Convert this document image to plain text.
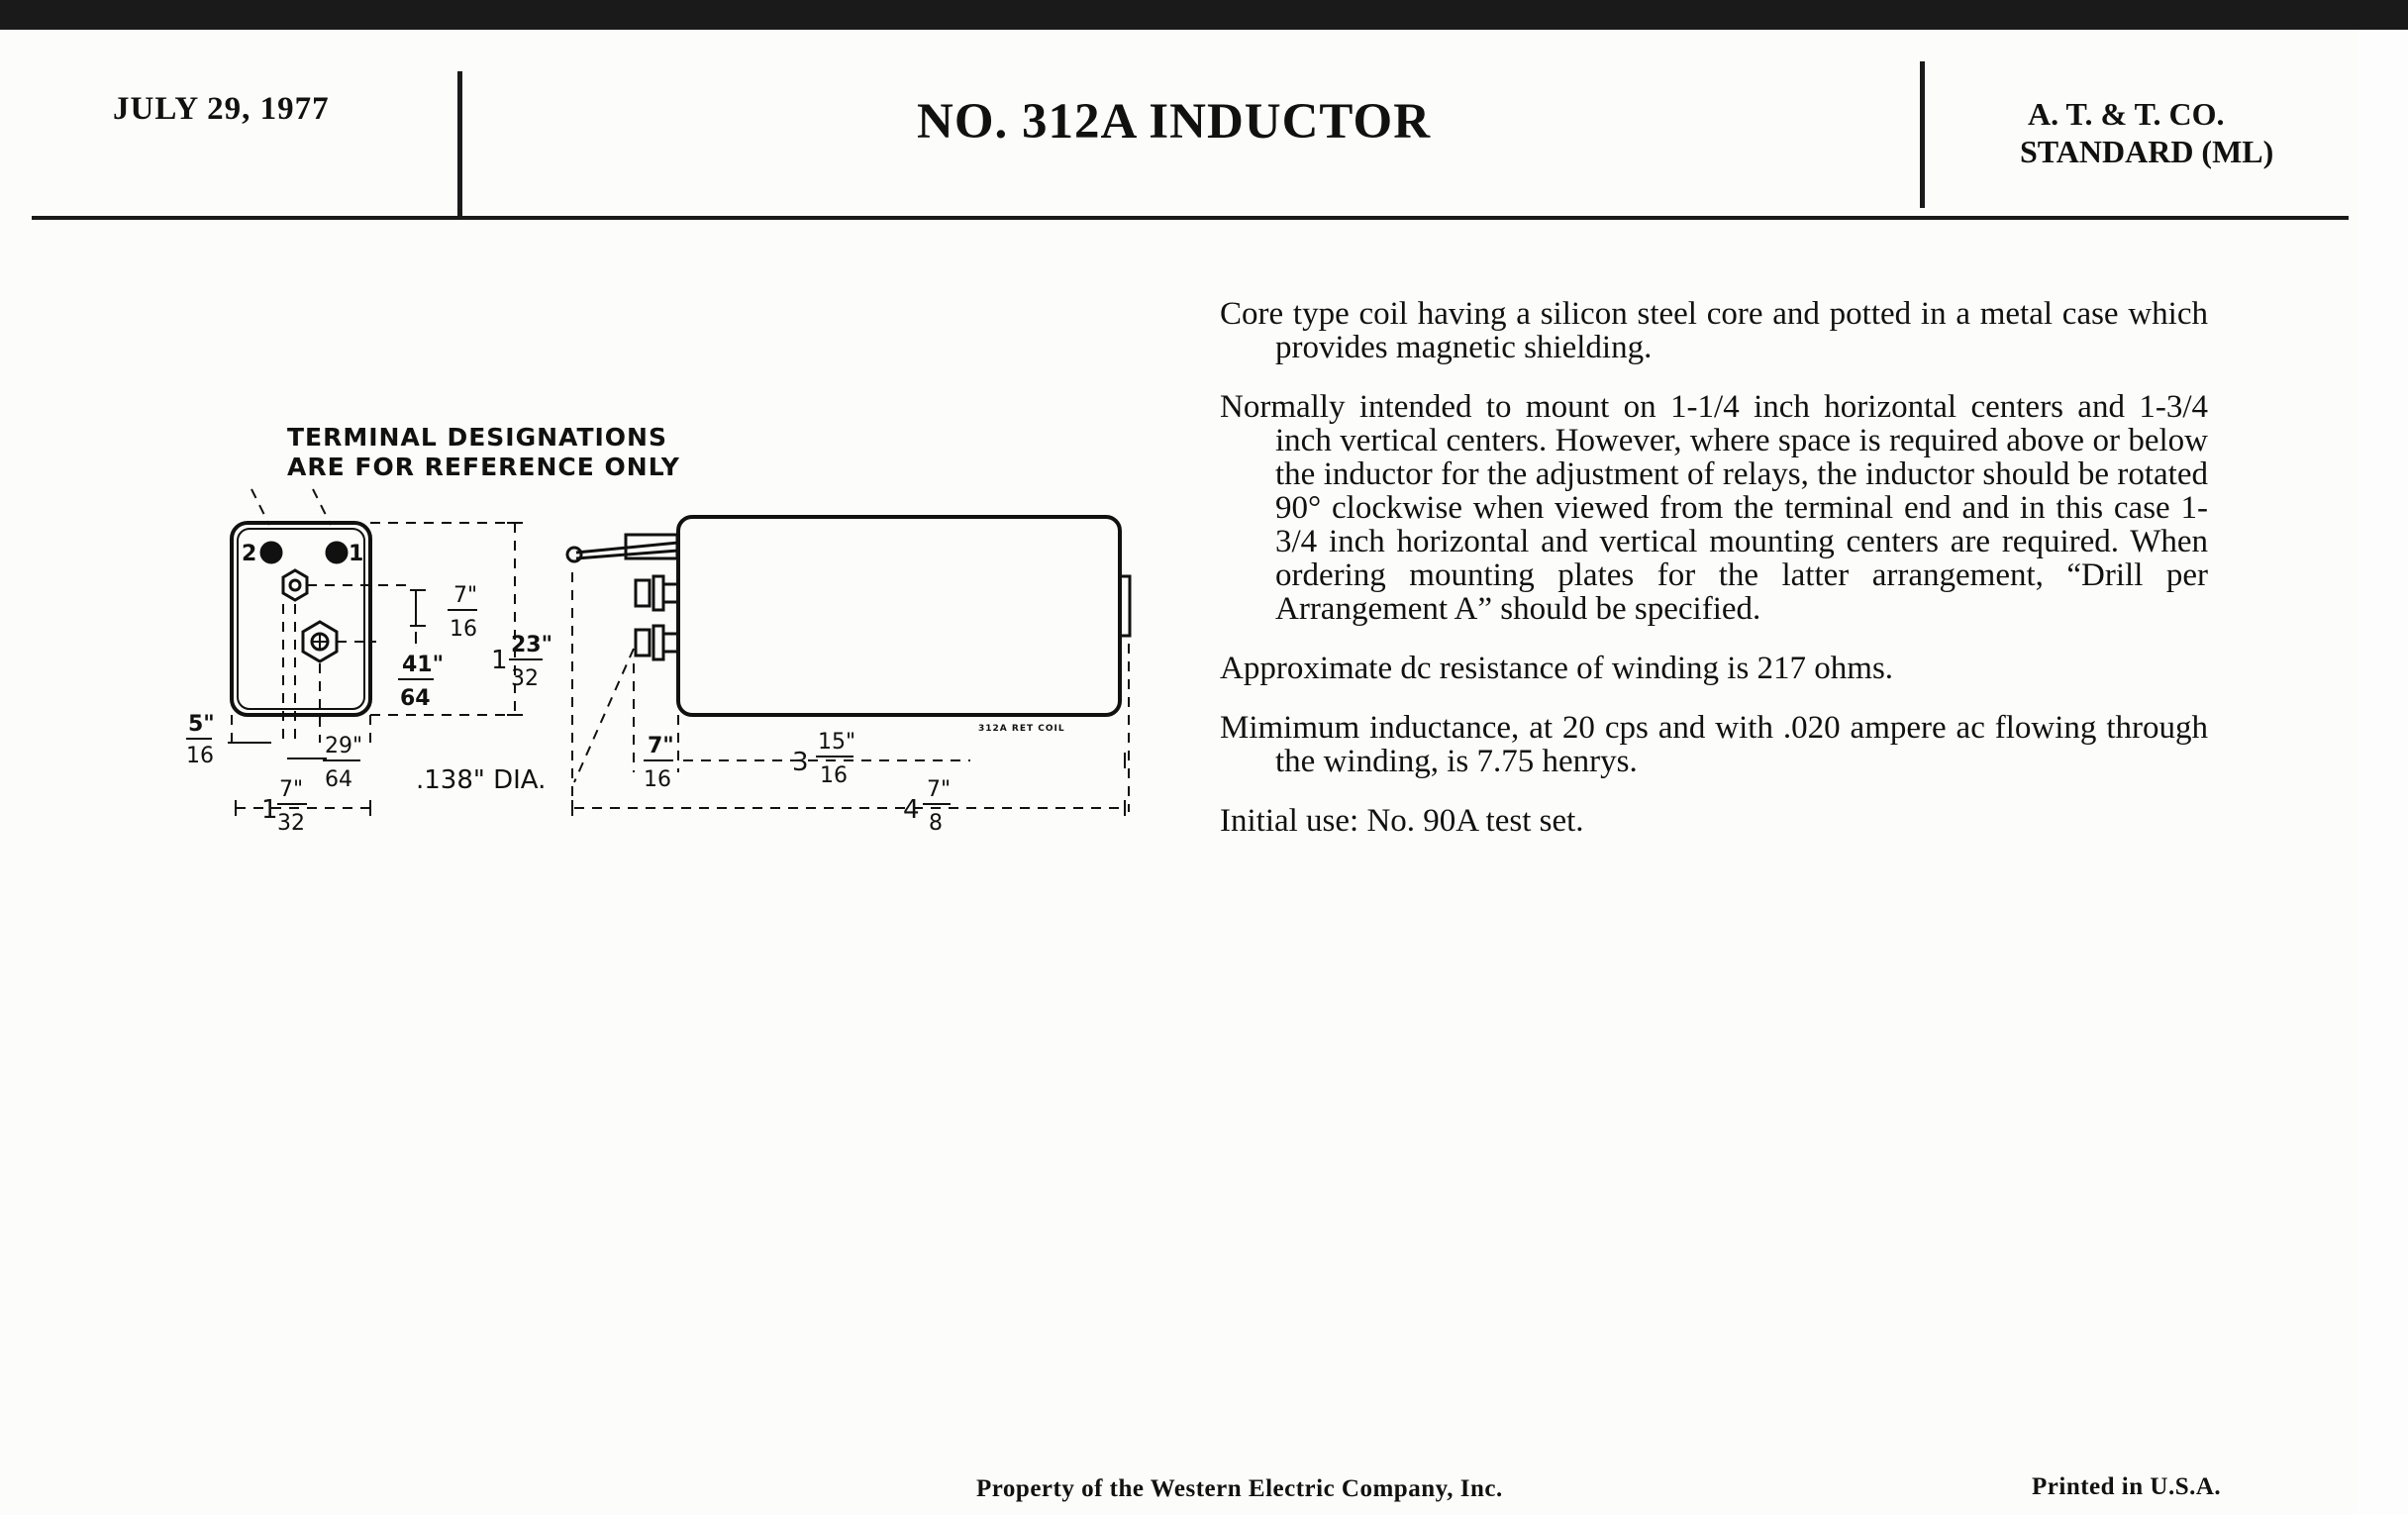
JULY 29, 1977	NO. 312A INDUCTOR	A. T. & T. CO.
STANDARD (ML)
TERMINAL DESIGNATIONS
ARE FOR REFERENCE ONLY
2	1
7"
16
41"
64
1
23"
32
5"
16	29"
64
1
7"
32
.138" DIA.
7"
16
3
15"
16
4
7"
8
312A RET COIL

Core type coil having a silicon steel core and potted in a metal case which provides magnetic shielding.

Normally intended to mount on 1-1/4 inch horizontal centers and 1-3/4 inch vertical centers. However, where space is required above or below the inductor for the adjustment of relays, the inductor should be rotated 90° clockwise when viewed from the terminal end and in this case 1-3/4 inch horizontal and vertical mounting centers are required. When ordering mounting plates for the latter arrangement, “Drill per Arrangement A” should be specified.

Approximate dc resistance of winding is 217 ohms.

Mimimum inductance, at 20 cps and with .020 ampere ac flowing through the winding, is 7.75 henrys.

Initial use: No. 90A test set.

Property of the Western Electric Company, Inc.	Printed in U.S.A.
